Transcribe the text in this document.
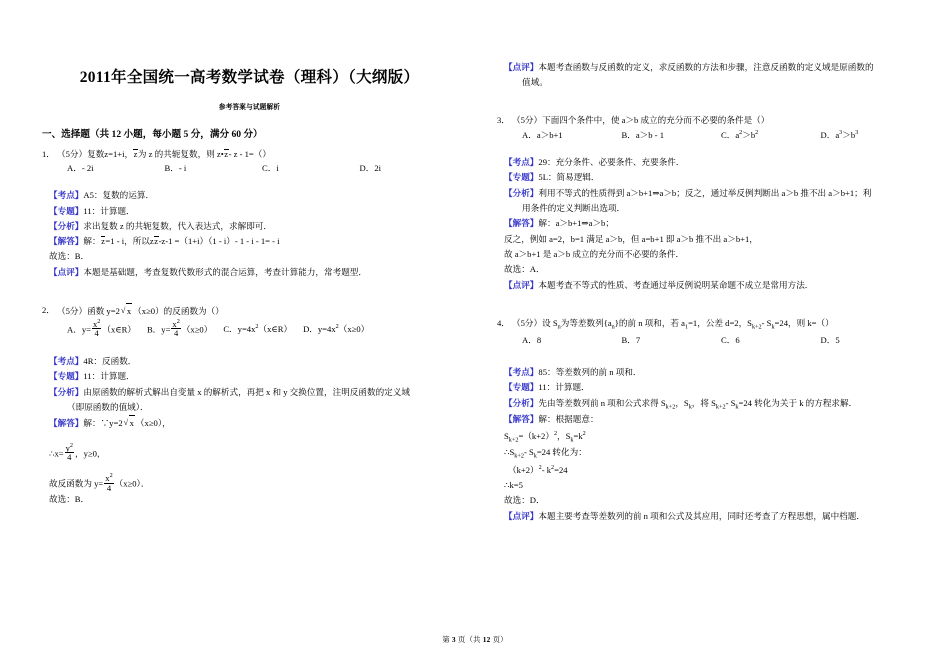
2011年全国统一高考数学试卷（理科）（大纲版）
参考答案与试题解析
一、选择题（共 12 小题，每小题 5 分，满分 60 分）
1． （5分）复数z=1+i，z为 z 的共轭复数，则 z•z- z - 1=（）
A．- 2i	B．- i	C．i	D．2i
【考点】A5：复数的运算．
【专题】11：计算题．
【分析】求出复数 z 的共轭复数，代入表达式，求解即可．
【解答】解：z=1 - i，所以zz-z-1 =（1+i）（1 - i）- 1 - i - 1= - i
故选：B．
【点评】本题是基础题，考查复数代数形式的混合运算，考查计算能力，常考题型．
2． （5分）函数 y=2 √ x （x≥0）的反函数为（）
A．$y= \frac{x^2}{4}$ （x∈R） B．$y= \frac{x^2}{4} (x\ge 0)$ C．$y=4x^2(x\in R)$ D．$y=4x^2(x\ge 0)$
【考点】4R：反函数．
【专题】11：计算题．
【分析】由原函数的解析式解出自变量 x 的解析式，再把 x 和 y 交换位置，注明反函数的定义域
（即原函数的值域）．
【解答】解：∵y=2 √ x （x≥0），
∴x= $\frac{y^2}{4}$ ，y≥0，
故反函数为 $y= \frac{x^2}{4} (x\ge 0)$．
故选：B．
【点评】本题考查函数与反函数的定义，求反函数的方法和步骤，注意反函数的定义域是原函数的
值域。
3． （5分）下面四个条件中，使 a＞b 成立的充分而不必要的条件是（）
A．a＞b+1	B．a＞b - 1	C．$a^2>b^2$	D．$a^3>b^3$
【考点】29：充分条件、必要条件、充要条件．
【专题】5L：简易逻辑．
【分析】利用不等式的性质得到 a＞b+1⇒a＞b；反之，通过举反例判断出 a＞b 推不出 a＞b+1；利
用条件的定义判断出选项．
【解答】解：a＞b+1⇒a＞b；
反之，例如 a=2，b=1 满足 a＞b，但 a=b+1 即 a＞b 推不出 a＞b+1，
故 a＞b+1 是 a＞b 成立的充分而不必要的条件．
故选：A．
【点评】本题考查不等式的性质、考查通过举反例说明某命题不成立是常用方法．
4． （5分）设 $S_n$为等差数列$\{a_n\}$的前 n 项和，若 $a_1=1$，公差 d=2，$S_{k+2}-$ $S_k=24$，则 k=（）
A．8	B．7	C．6	D．5
【考点】85：等差数列的前 n 项和．
【专题】11：计算题．
【分析】先由等差数列前 n 项和公式求得 $S_{k+2}$，$S_k$，将 $S_{k+2}-$ $S_k=24$ 转化为关于 k 的方程求解．
【解答】解：根据题意：
$S_{k+2}=(k+2)^2$，$S_k=k^2$
$\therefore S_{k+2}-$ $S_k=24$ 转化为：
$(k+2)^2-$ $k^2=24$
∴k=5
故选：D．
【点评】本题主要考查等差数列的前 n 项和公式及其应用，同时还考查了方程思想，属中档题．
第 3 页（共 12 页）
